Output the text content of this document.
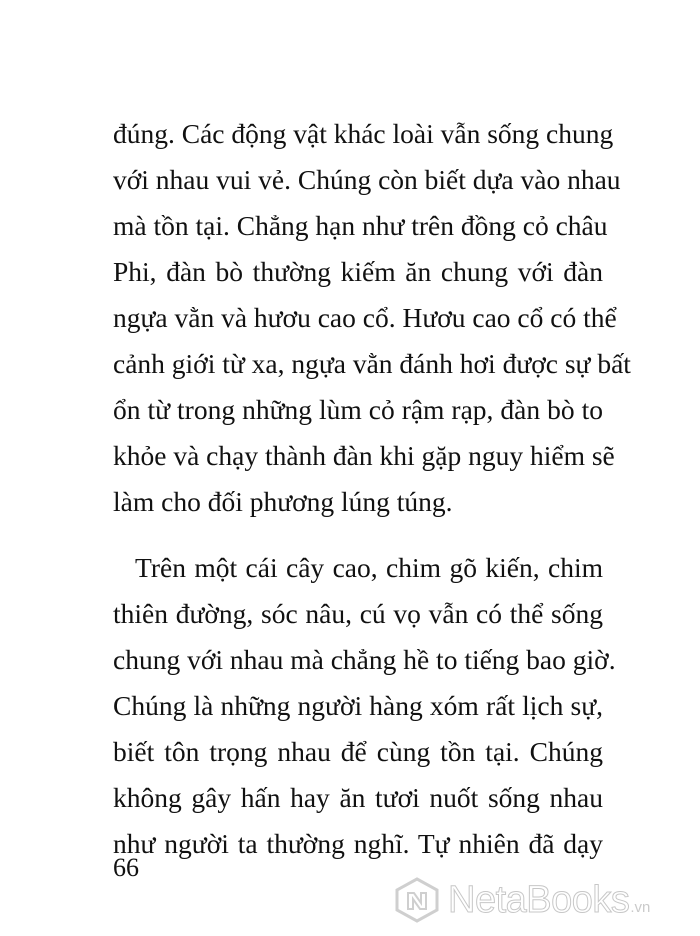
đúng. Các động vật khác loài vẫn sống chung
với nhau vui vẻ. Chúng còn biết dựa vào nhau
mà tồn tại. Chẳng hạn như trên đồng cỏ châu
Phi, đàn bò thường kiếm ăn chung với đàn
ngựa vằn và hươu cao cổ. Hươu cao cổ có thể
cảnh giới từ xa, ngựa vằn đánh hơi được sự bất
ổn từ trong những lùm cỏ rậm rạp, đàn bò to
khỏe và chạy thành đàn khi gặp nguy hiểm sẽ
làm cho đối phương lúng túng.
Trên một cái cây cao, chim gõ kiến, chim
thiên đường, sóc nâu, cú vọ vẫn có thể sống
chung với nhau mà chẳng hề to tiếng bao giờ.
Chúng là những người hàng xóm rất lịch sự,
biết tôn trọng nhau để cùng tồn tại. Chúng
không gây hấn hay ăn tươi nuốt sống nhau
như người ta thường nghĩ. Tự nhiên đã dạy
66
NetaBooks .vn
